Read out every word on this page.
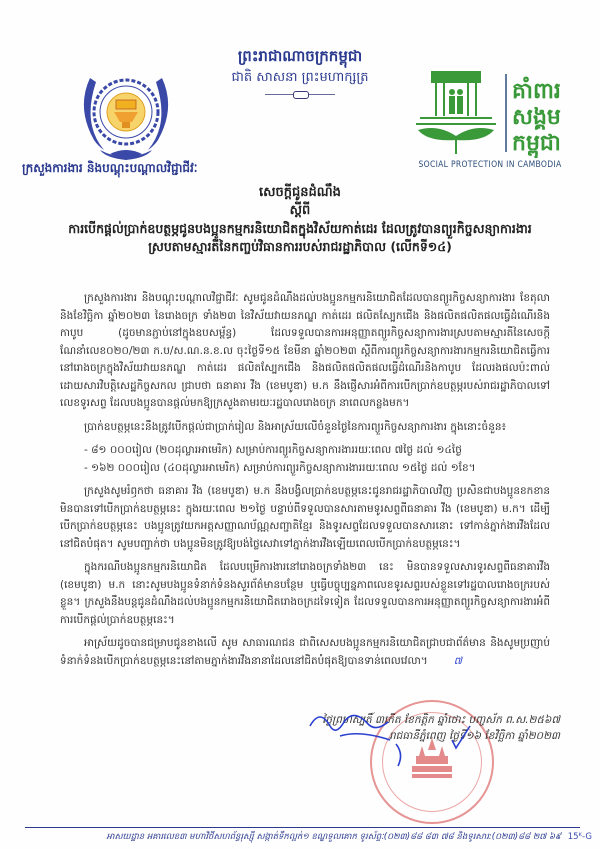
ព្រះរាជាណាចក្រកម្ពុជា
ជាតិ សាសនា ព្រះមហាក្សត្រ
គាំពារ
សង្គម
កម្ពុជា
SOCIAL PROTECTION IN CAMBODIA
ក្រសួងការងារ និងបណ្តុះបណ្តាលវិជ្ជាជីវៈ
សេចក្តីជូនដំណឹង
ស្តីពី
ការបើកផ្តល់ប្រាក់ឧបត្ថម្ភជូនបងប្អូនកម្មករនិយោជិតក្នុងវិស័យកាត់ដេរ ដែលត្រូវបានព្យួរកិច្ចសន្យាការងារស្របតាមស្មារតីនៃកញ្ចប់វិធានការរបស់រាជរដ្ឋាភិបាល (លើកទី១៤)

ក្រសួងការងារ និងបណ្តុះបណ្តាលវិជ្ជាជីវៈ សូមជូនដំណឹងដល់បងប្អូនកម្មករនិយោជិតដែលបានព្យួរកិច្ចសន្យាការងារ ខែតុលា និងខែវិច្ឆិកា ឆ្នាំ២០២៣ នៃរោងចក្រ ទាំង២៣ នៃវិស័យវាយនភណ្ឌ កាត់ដេរ ផលិតស្បែកជើង និងផលិតផលិតផលធ្វើដំណើរនិងកាបូប (ដូចមានភ្ជាប់នៅក្នុងឧបសម្ព័ន្ធ) ដែលទទួលបានការអនុញ្ញាតព្យួរកិច្ចសន្យាការងារស្របតាមស្មារតីនៃសេចក្តីណែនាំលេខ០២០/២៣ ក.ប/ស.ណ.ន.ខ.ល ចុះថ្ងៃទី១៥ ខែមីនា ឆ្នាំ២០២៣ ស្តីពីការព្យួរកិច្ចសន្យាការងារកម្មករនិយោជិតធ្វើការនៅរោងចក្រក្នុងវិស័យវាយនភណ្ឌ កាត់ដេរ ផលិតស្បែកជើង និងផលិតផលិតផលធ្វើដំណើរនិងកាបូប ដែលរងផលប៉ះពាល់ដោយសារវិបត្តិសេដ្ឋកិច្ចសកល ជ្រាបថា ធនាគារ វីង (ខេមបូឌា) ម.ក នឹងផ្ញើសារអំពីការបើកប្រាក់ឧបត្ថម្ភរបស់រាជរដ្ឋាភិបាលទៅលេខទូរសព្ទ ដែលបងប្អូនបានផ្តល់មកឱ្យក្រសួងតាមរយៈរដ្ឋបាលរោងចក្រ នាពេលកន្លងមក។

ប្រាក់ឧបត្ថម្ភនេះនឹងត្រូវបើកផ្តល់ជាប្រាក់រៀល និងអាស្រ័យលើចំនួនថ្ងៃនៃការព្យួរកិច្ចសន្យាការងារ ក្នុងនោះចំនួន៖

- ៨១ ០០០រៀល (២០ដុល្លារអាមេរិក) សម្រាប់ការព្យួរកិច្ចសន្យាការងាររយៈពេល ៧ថ្ងៃ ដល់ ១៤ថ្ងៃ
- ១៦២ ០០០រៀល (៤០ដុល្លារអាមេរិក) សម្រាប់ការព្យួរកិច្ចសន្យាការងាររយៈពេល ១៥ថ្ងៃ ដល់ ១ខែ។

ក្រសួងសូមរំឭកថា ធនាគារ វីង (ខេមបូឌា) ម.ក នឹងបង្វិលប្រាក់ឧបត្ថម្ភនេះជូនរាជរដ្ឋាភិបាលវិញ ប្រសិនជាបងប្អូនខកខាន មិនបានទៅបើកប្រាក់ឧបត្ថម្ភនេះ ក្នុងរយៈពេល ២១ថ្ងៃ បន្ទាប់ពីទទួលបានសារតាមទូរសព្ទពីធនាគារ វីង (ខេមបូឌា) ម.ក។ ដើម្បីបើកប្រាក់ឧបត្ថម្ភនេះ បងប្អូនត្រូវយកអត្តសញ្ញាណប័ណ្ណសញ្ជាតិខ្មែរ និងទូរសព្ទដែលទទួលបានសារនោះ ទៅកាន់ភ្នាក់ងារវីងដែលនៅជិតបំផុត។ សូមបញ្ជាក់ថា បងប្អូនមិនត្រូវឱ្យបង់ថ្លៃសេវាទៅភ្នាក់ងារវីងឡើយពេលបើកប្រាក់ឧបត្ថម្ភនេះ។

ក្នុងករណីបងប្អូនកម្មករនិយោជិត ដែលបម្រើការងារនៅរោងចក្រទាំង២៣ នេះ មិនបានទទួលសារទូរសព្ទពីធនាគារវីង (ខេមបូឌា) ម.ក នោះសូមបងប្អូនទំនាក់ទំនងសួរព័ត៌មានបន្ថែម ឬធ្វើបច្ចុប្បន្នភាពលេខទូរសព្ទរបស់ខ្លួនទៅរដ្ឋបាលរោងចក្ររបស់ខ្លួន។ ក្រសួងនឹងបន្តជូនដំណឹងដល់បងប្អូនកម្មករនិយោជិតរោងចក្រដទៃទៀត ដែលទទួលបានការអនុញ្ញាតព្យួរកិច្ចសន្យាការងារអំពីការបើកផ្តល់ប្រាក់ឧបត្ថម្ភនេះ។

អាស្រ័យដូចបានជម្រាបជូនខាងលើ សូម សាធារណជន ជាពិសេសបងប្អូនកម្មករនិយោជិតជ្រាបជាព័ត៌មាន និងសូមប្រញាប់ទំនាក់ទំនងបើកប្រាក់ឧបត្ថម្ភនេះនៅតាមភ្នាក់ងារវីងនានាដែលនៅជិតបំផុតឱ្យបានទាន់ពេលវេលា។	៧

ថ្ងៃព្រហស្បតិ៍ ៣កើត ខែកត្តិក ឆ្នាំថោះ បញ្ចស័ក ព.ស.២៥៦៧
រាជធានីភ្នំពេញ ថ្ងៃទី១៦ ខែវិច្ឆិកា ឆ្នាំ២០២៣
អាសយដ្ឋាន អគារលេខ៣ មហាវិថីសហព័ន្ធរុស្ស៊ី សង្កាត់ទឹកល្អក់១ ខណ្ឌទួលគោក ទូរស័ព្ទៈ(០២៣)៨៨ ៨៣ ៧៨ និងទូរសារ:(០២៣)៨៨ ២៧ ៦៩ 15ᴷ-G
